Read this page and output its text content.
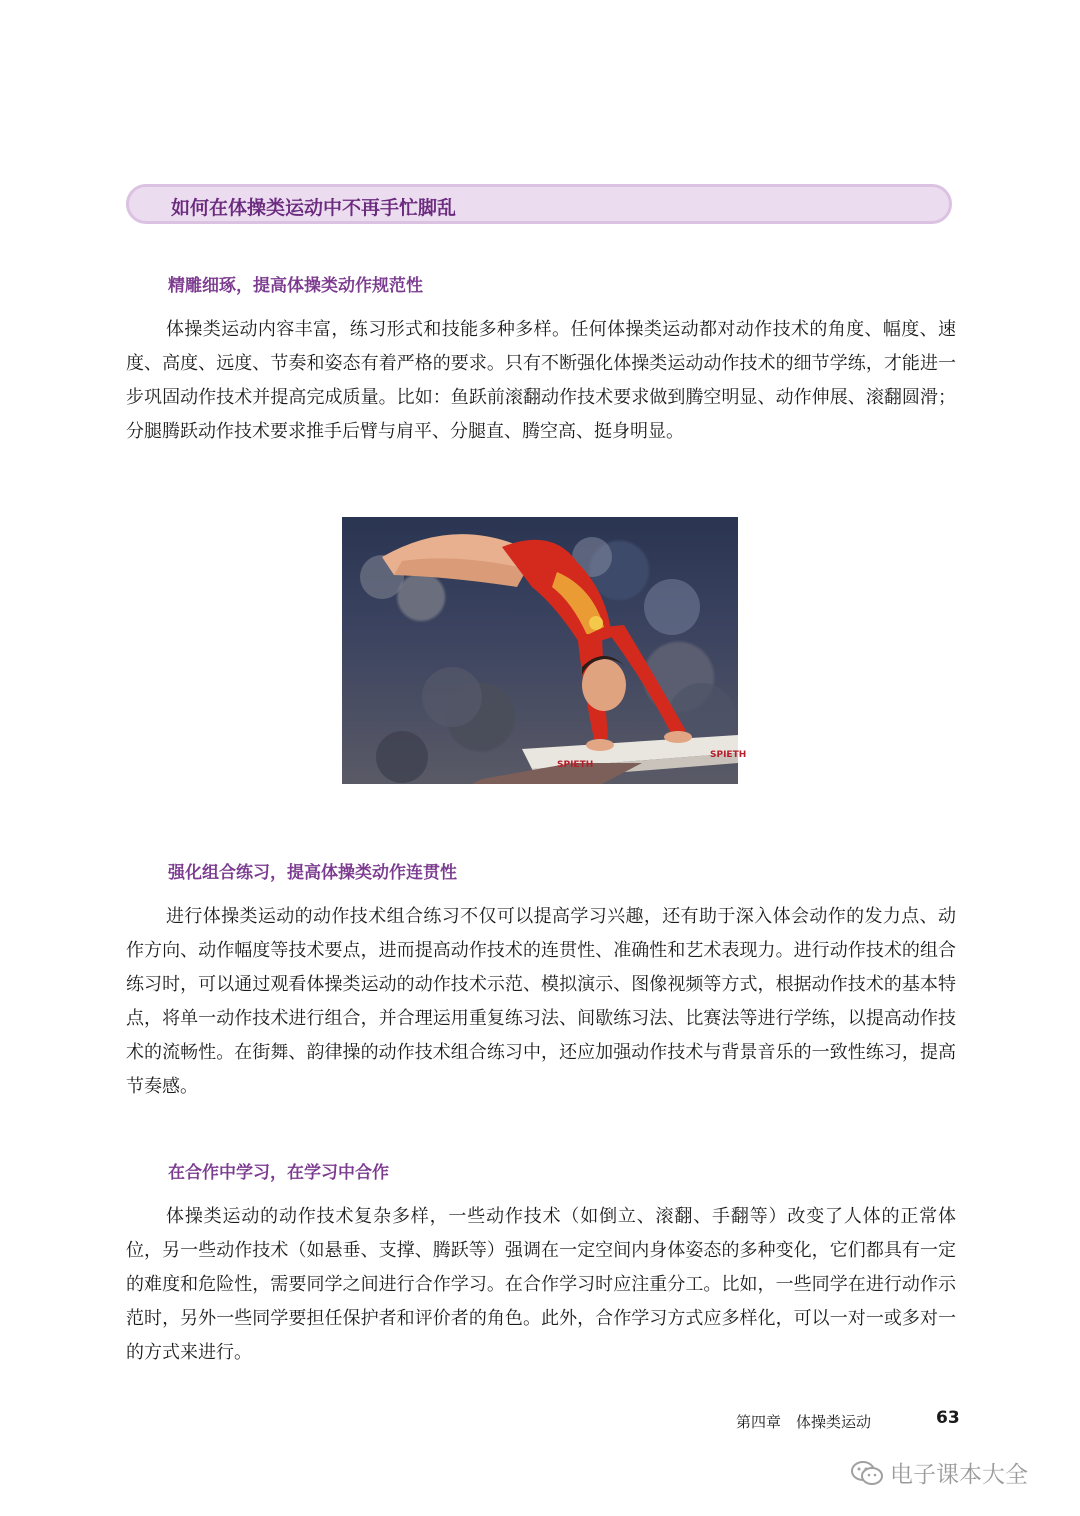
如何在体操类运动中不再手忙脚乱
精雕细琢，提高体操类动作规范性

体操类运动内容丰富，练习形式和技能多种多样。任何体操类运动都对动作技术的角度、幅度、速度、高度、远度、节奏和姿态有着严格的要求。只有不断强化体操类运动动作技术的细节学练，才能进一步巩固动作技术并提高完成质量。比如：鱼跃前滚翻动作技术要求做到腾空明显、动作伸展、滚翻圆滑；分腿腾跃动作技术要求推手后臂与肩平、分腿直、腾空高、挺身明显。

SPIETH
SPIETH
强化组合练习，提高体操类动作连贯性

进行体操类运动的动作技术组合练习不仅可以提高学习兴趣，还有助于深入体会动作的发力点、动作方向、动作幅度等技术要点，进而提高动作技术的连贯性、准确性和艺术表现力。进行动作技术的组合练习时，可以通过观看体操类运动的动作技术示范、模拟演示、图像视频等方式，根据动作技术的基本特点，将单一动作技术进行组合，并合理运用重复练习法、间歇练习法、比赛法等进行学练，以提高动作技术的流畅性。在街舞、韵律操的动作技术组合练习中，还应加强动作技术与背景音乐的一致性练习，提高节奏感。

在合作中学习，在学习中合作

体操类运动的动作技术复杂多样，一些动作技术（如倒立、滚翻、手翻等）改变了人体的正常体位，另一些动作技术（如悬垂、支撑、腾跃等）强调在一定空间内身体姿态的多种变化，它们都具有一定的难度和危险性，需要同学之间进行合作学习。在合作学习时应注重分工。比如，一些同学在进行动作示范时，另外一些同学要担任保护者和评价者的角色。此外，合作学习方式应多样化，可以一对一或多对一的方式来进行。

第四章　体操类运动	63
电子课本大全
